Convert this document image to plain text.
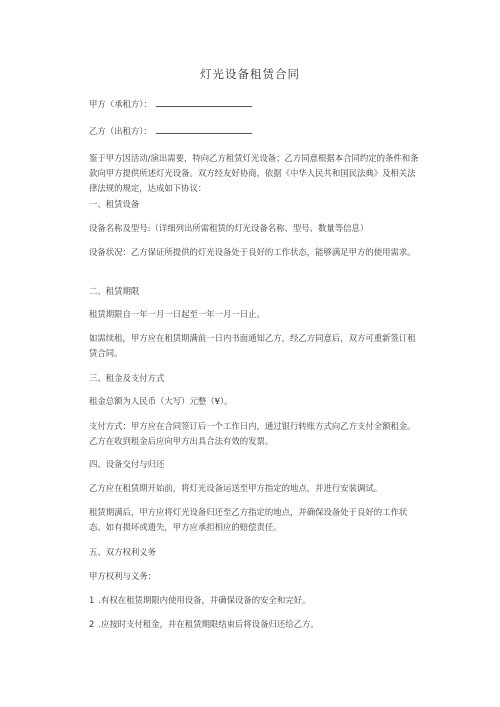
灯光设备租赁合同

甲方（承租方）：

乙方（出租方）：

鉴于甲方因活动/演出需要，特向乙方租赁灯光设备；乙方同意根据本合同约定的条件和条款向甲方提供所述灯光设备。双方经友好协商，依据《中华人民共和国民法典》及相关法律法规的规定，达成如下协议：

一、租赁设备

设备名称及型号:（详细列出所需租赁的灯光设备名称、型号、数量等信息）

设备状况：乙方保证所提供的灯光设备处于良好的工作状态，能够满足甲方的使用需求。

二、租赁期限

租赁期限自一年一月一日起至一年一月一日止。

如需续租，甲方应在租赁期满前一日内书面通知乙方，经乙方同意后，双方可重新签订租赁合同。

三、租金及支付方式

租金总额为人民币（大写）元整（¥）。

支付方式：甲方应在合同签订后一个工作日内，通过银行转账方式向乙方支付全额租金。乙方在收到租金后应向甲方出具合法有效的发票。

四、设备交付与归还

乙方应在租赁期开始前，将灯光设备运送至甲方指定的地点，并进行安装调试。

租赁期满后，甲方应将灯光设备归还至乙方指定的地点，并确保设备处于良好的工作状态。如有损坏或遗失，甲方应承担相应的赔偿责任。

五、双方权利义务

甲方权利与义务：

1 .有权在租赁期限内使用设备，并确保设备的安全和完好。

2 .应按时支付租金，并在租赁期限结束后将设备归还给乙方。
